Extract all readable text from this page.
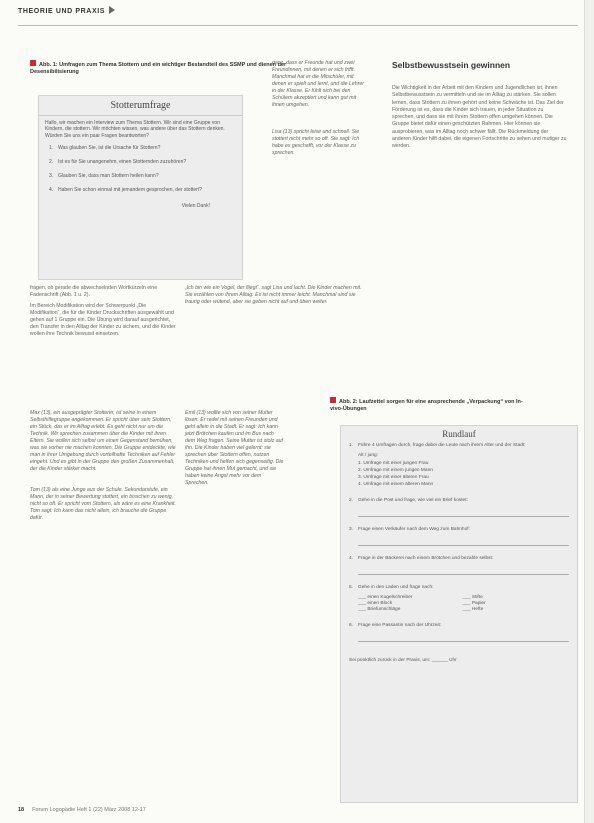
THEORIE UND PRAXIS
Abb. 1: Umfragen zum Thema Stottern und ein wichtiger Bestandteil des SSMP und dienen der Desensibilisierung
Stotterumfrage
Hallo, wir machen ein Interview zum Thema Stottern. Wir sind eine Gruppe von Kindern, die stottern. Wir möchten wissen, was andere über das Stottern denken. Würden Sie uns ein paar Fragen beantworten?
1. Was glauben Sie, ist die Ursache für Stottern?
2. Ist es für Sie unangenehm, einen Stotternden zuzuhören?
3. Glauben Sie, dass man Stottern heilen kann?
4. Haben Sie schon einmal mit jemandem gesprochen, der stottert?
Vielen Dank!

fragen, ob gerade die abwechselnden Wortkürzeln eine Fadenschrift (Abb. 1 u. 2).

Im Bereich Modifikation wird der Schwerpunkt „Die Modifikation“, die für die Kinder Druckschriften ausgewählt und gehen auf 1 Gruppe ein. Die Übung wird darauf ausgerichtet, den Transfer in den Alltag der Kinder zu sichern, und die Kinder wollen ihre Technik bewusst einsetzen.

Max (13), ein ausgeprägter Stotterer, ist seine in einem Selbsthilfegruppe angekommen. Er spricht über sein Stottern, ein Stück, das er im Alltag erlebt. Es geht nicht nur um die Technik. Wir sprechen zusammen über die Kinder mit ihren Eltern. Sie wollen sich selbst um einen Gegenstand bemühen, was sie vorher nie machen konnten. Die Gruppe entdeckte, wie man in ihrer Umgebung durch vorteilhafte Techniken auf Fehler eingeht. Und es gibt in der Gruppe den großen Zusammenhalt, der die Kinder stärker macht.

Tom (13) als eine Junge aus der Schule, Sekundarstufe, ein Mann, der in seiner Bewertung stottert, ein bisschen zu wenig, nicht so oft. Er spricht vom Stottern, als wäre es eine Krankheit. Tom sagt: Ich kann das nicht allein, ich brauche die Gruppe dafür.

ganz, dass er Freunde hat und zwei Freundinnen, mit denen er sich trifft. Manchmal hat er die Mitschüler, mit denen er spielt und lernt, und die Lehrer in der Klasse. Er fühlt sich bei den Schülern akzeptiert und kann gut mit ihnen umgehen.

Lisa (13) spricht leise und schnell. Sie stottert nicht mehr so oft. Sie sagt: Ich habe es geschafft, vor der Klasse zu sprechen.

„Ich bin wie ein Vogel, der fliegt“, sagt Lisa und lacht. Die Kinder machen mit. Sie erzählen von ihrem Alltag. Es ist nicht immer leicht. Manchmal sind sie traurig oder wütend, aber sie geben nicht auf und üben weiter.

Emil (13) wollte sich von seiner Mutter lösen. Er redet mit seinen Freunden und geht allein in die Stadt. Er sagt: Ich kann jetzt Brötchen kaufen und im Bus nach dem Weg fragen. Seine Mutter ist stolz auf ihn. Die Kinder haben viel gelernt: sie sprechen über Stottern offen, nutzen Techniken und helfen sich gegenseitig. Die Gruppe hat ihnen Mut gemacht, und sie haben keine Angst mehr vor dem Sprechen.

Selbstbewusstsein gewinnen
Die Wichtigkeit in der Arbeit mit den Kindern und Jugendlichen ist, ihnen Selbstbewusstsein zu vermitteln und sie im Alltag zu stärken. Sie sollen lernen, dass Stottern zu ihnen gehört und keine Schwäche ist. Das Ziel der Förderung ist es, dass die Kinder sich trauen, in jeder Situation zu sprechen, und dass sie mit ihrem Stottern offen umgehen können. Die Gruppe bietet dafür einen geschützten Rahmen. Hier können sie ausprobieren, was im Alltag noch schwer fällt. Die Rückmeldung der anderen Kinder hilft dabei, die eigenen Fortschritte zu sehen und mutiger zu werden.
Abb. 2: Laufzettel sorgen für eine ansprechende „Verpackung“ von In-vivo-Übungen
Rundlauf
1. Führe 4 Umfragen durch, frage dabei die Leute nach ihrem Alter und der Stadt:
Alt / jung:
1. Umfrage mit einer jungen Frau
2. Umfrage mit einem jungen Mann
3. Umfrage mit einer älteren Frau
4. Umfrage mit einem älteren Mann
2. Gehe in die Post und frage, wie viel ein Brief kostet:
3. Frage einen Verkäufer nach dem Weg zum Bahnhof:
4. Frage in der Bäckerei nach einem Brötchen und bezahle selbst:
5. Gehe in den Laden und frage nach:
___ einen Kugelschreiber	___ Stifte
___ einen Block	___ Papier
___ Briefumschläge	___ Hefte
6. Frage eine Passantin nach der Uhrzeit:
Sei pünktlich zurück in der Praxis, um: ______ Uhr
18 Forum Logopädie Heft 1 (22) März 2008 12-17
